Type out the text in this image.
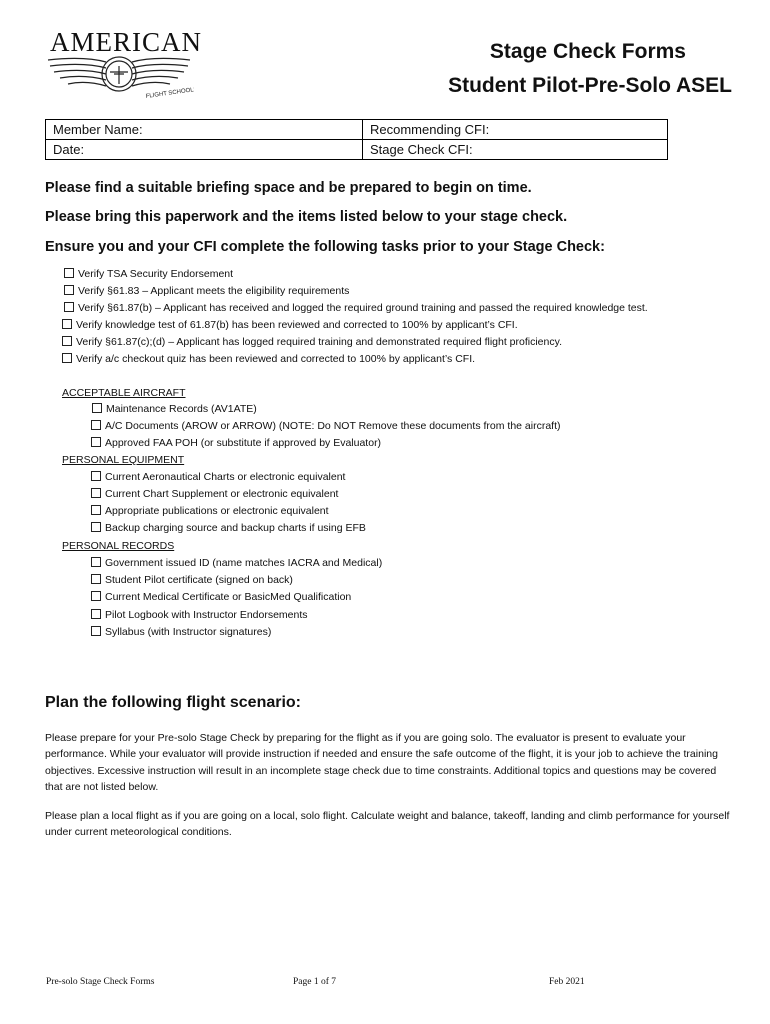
FLIGHT SCHOOLS
AMERICAN	Stage Check Forms
Student Pilot-Pre-Solo ASEL
Member Name:	Recommending CFI:
Date:	Stage Check CFI:
Please find a suitable briefing space and be prepared to begin on time.
Please bring this paperwork and the items listed below to your stage check.
Ensure you and your CFI complete the following tasks prior to your Stage Check:
Verify TSA Security Endorsement
Verify §61.83 – Applicant meets the eligibility requirements
Verify §61.87(b) – Applicant has received and logged the required ground training and passed the required knowledge test.
Verify knowledge test of 61.87(b) has been reviewed and corrected to 100% by applicant’s CFI.
Verify §61.87(c);(d) – Applicant has logged required training and demonstrated required flight proficiency.
Verify a/c checkout quiz has been reviewed and corrected to 100% by applicant’s CFI.
ACCEPTABLE AIRCRAFT
Maintenance Records (AV1ATE)
A/C Documents (AROW or ARROW) (NOTE: Do NOT Remove these documents from the aircraft)
Approved FAA POH (or substitute if approved by Evaluator)
PERSONAL EQUIPMENT
Current Aeronautical Charts or electronic equivalent
Current Chart Supplement or electronic equivalent
Appropriate publications or electronic equivalent
Backup charging source and backup charts if using EFB
PERSONAL RECORDS
Government issued ID (name matches IACRA and Medical)
Student Pilot certificate (signed on back)
Current Medical Certificate or BasicMed Qualification
Pilot Logbook with Instructor Endorsements
Syllabus (with Instructor signatures)
Plan the following flight scenario:
Please prepare for your Pre-solo Stage Check by preparing for the flight as if you are going solo. The evaluator is present to evaluate your performance. While your evaluator will provide instruction if needed and ensure the safe outcome of the flight, it is your job to achieve the training objectives. Excessive instruction will result in an incomplete stage check due to time constraints. Additional topics and questions may be covered that are not listed below.
Please plan a local flight as if you are going on a local, solo flight. Calculate weight and balance, takeoff, landing and climb performance for yourself under current meteorological conditions.
Pre-solo Stage Check Forms	Page 1 of 7	Feb 2021
